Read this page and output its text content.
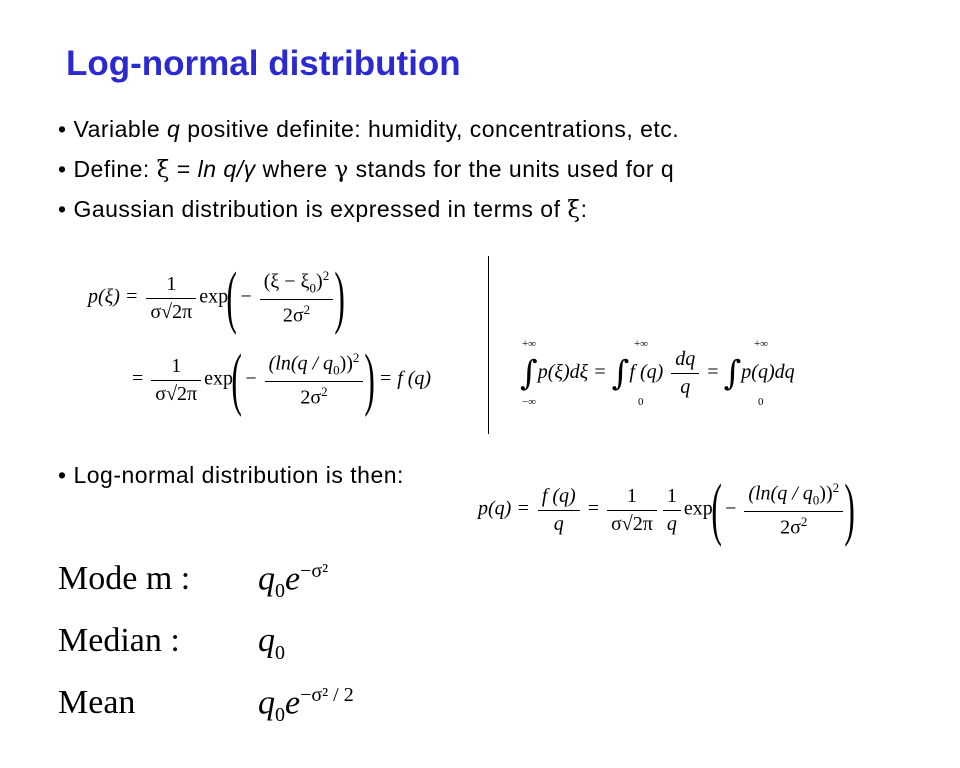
Log-normal distribution
• Variable q positive definite: humidity, concentrations, etc.
• Define: ξ = ln q/γ where γ stands for the units used for q
• Gaussian distribution is expressed in terms of ξ:
$p(\xi) = \frac{1}{\sigma√2\pi} \exp( - \frac{(\xi - \xi_0)^2}{2\sigma^2}$ )
= $\frac{1}{\sigma√2\pi} \exp( - \frac{(\ln(q / q_0))^2}{2\sigma^2}$ ) = f (q)
+∞
−∞
+∞
0
+∞
0
∫p(ξ)dξ = ∫f $(q) \frac{dq}{q} = \int p(q)dq$
• Log-normal distribution is then:
$p(q) = \frac{f (q)}{q} = \frac{1}{\sigma√2\pi} \frac{1}{q} \exp( - \frac{(\ln(q / q_0))^2}{2\sigma^2}$ )
Mode m : $q_0e^{-\sigma^2}$
Median : $q_0$
Mean	$q_0e^{-\sigma^2 / 2}$
